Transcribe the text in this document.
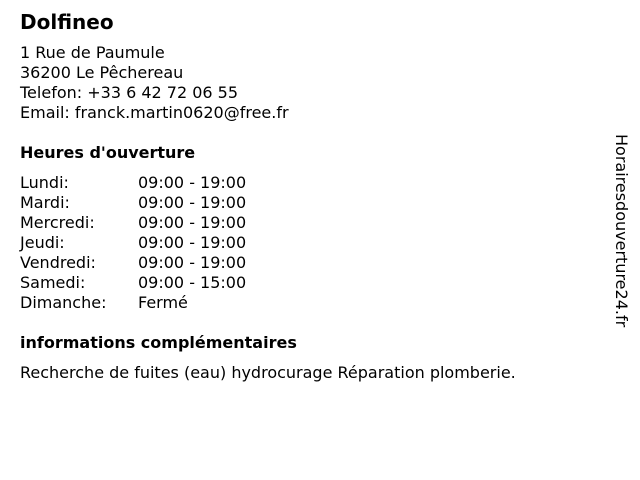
Dolfineo
1 Rue de Paumule
36200 Le Pêchereau
Telefon: +33 6 42 72 06 55
Email: franck.martin0620@free.fr
Heures d'ouverture
Lundi:	09:00 - 19:00
Mardi:	09:00 - 19:00
Mercredi:	09:00 - 19:00
Jeudi:	09:00 - 19:00
Vendredi:	09:00 - 19:00
Samedi:	09:00 - 15:00
Dimanche:	Fermé
informations complémentaires
Recherche de fuites (eau) hydrocurage Réparation plomberie.
Horairesdouverture24.fr
